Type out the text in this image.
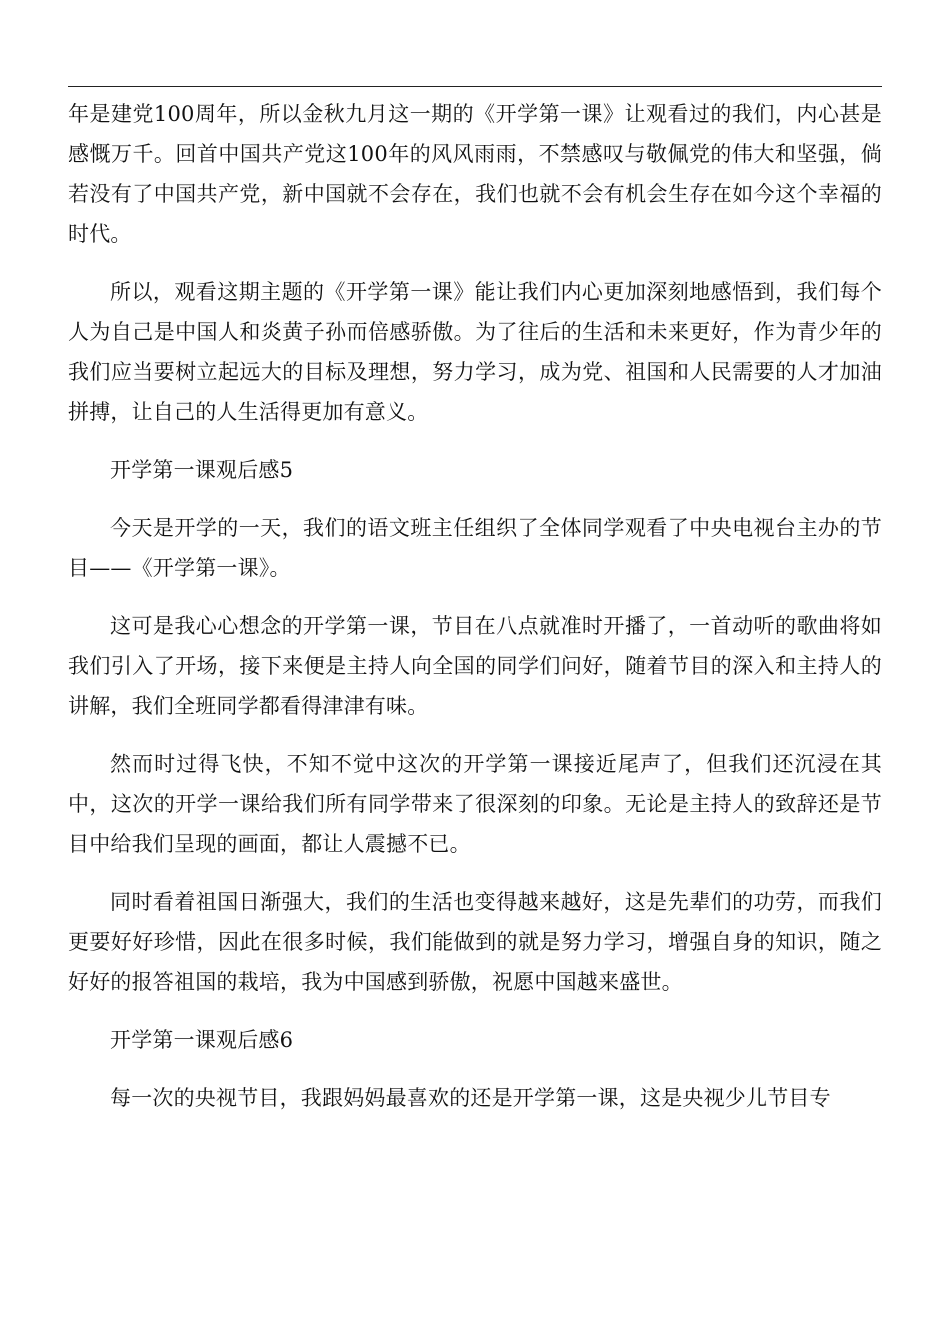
年是建党100周年，所以金秋九月这一期的《开学第一课》让观看过的我们，内心甚是感慨万千。回首中国共产党这100年的风风雨雨，不禁感叹与敬佩党的伟大和坚强，倘若没有了中国共产党，新中国就不会存在，我们也就不会有机会生存在如今这个幸福的时代。

所以，观看这期主题的《开学第一课》能让我们内心更加深刻地感悟到，我们每个人为自己是中国人和炎黄子孙而倍感骄傲。为了往后的生活和未来更好，作为青少年的我们应当要树立起远大的目标及理想，努力学习，成为党、祖国和人民需要的人才加油拼搏，让自己的人生活得更加有意义。

开学第一课观后感5

今天是开学的一天，我们的语文班主任组织了全体同学观看了中央电视台主办的节目——《开学第一课》。

这可是我心心想念的开学第一课，节目在八点就准时开播了，一首动听的歌曲将如我们引入了开场，接下来便是主持人向全国的同学们问好，随着节目的深入和主持人的讲解，我们全班同学都看得津津有味。

然而时过得飞快，不知不觉中这次的开学第一课接近尾声了，但我们还沉浸在其中，这次的开学一课给我们所有同学带来了很深刻的印象。无论是主持人的致辞还是节目中给我们呈现的画面，都让人震撼不已。

同时看着祖国日渐强大，我们的生活也变得越来越好，这是先辈们的功劳，而我们更要好好珍惜，因此在很多时候，我们能做到的就是努力学习，增强自身的知识，随之好好的报答祖国的栽培，我为中国感到骄傲，祝愿中国越来盛世。

开学第一课观后感6

每一次的央视节目，我跟妈妈最喜欢的还是开学第一课，这是央视少儿节目专
